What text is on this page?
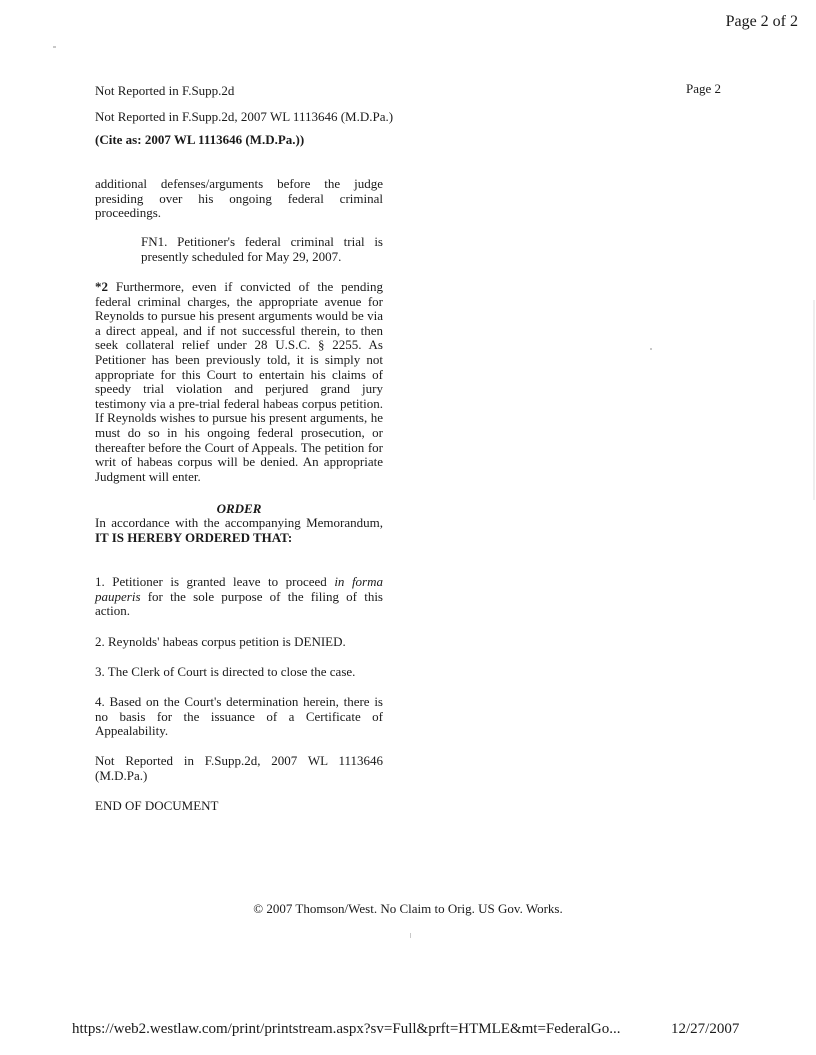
Page 2 of 2
Not Reported in F.Supp.2d	Page 2
Not Reported in F.Supp.2d, 2007 WL 1113646 (M.D.Pa.)
(Cite as: 2007 WL 1113646 (M.D.Pa.))
additional defenses/arguments before the judge presiding over his ongoing federal criminal proceedings.
FN1. Petitioner's federal criminal trial is presently scheduled for May 29, 2007.
*2 Furthermore, even if convicted of the pending federal criminal charges, the appropriate avenue for Reynolds to pursue his present arguments would be via a direct appeal, and if not successful therein, to then seek collateral relief under 28 U.S.C. § 2255. As Petitioner has been previously told, it is simply not appropriate for this Court to entertain his claims of speedy trial violation and perjured grand jury testimony via a pre-trial federal habeas corpus petition. If Reynolds wishes to pursue his present arguments, he must do so in his ongoing federal prosecution, or thereafter before the Court of Appeals. The petition for writ of habeas corpus will be denied. An appropriate Judgment will enter.
ORDER
In accordance with the accompanying Memorandum, IT IS HEREBY ORDERED THAT:
1. Petitioner is granted leave to proceed in forma pauperis for the sole purpose of the filing of this action.
2. Reynolds' habeas corpus petition is DENIED.
3. The Clerk of Court is directed to close the case.
4. Based on the Court's determination herein, there is no basis for the issuance of a Certificate of Appealability.
Not Reported in F.Supp.2d, 2007 WL 1113646 (M.D.Pa.)
END OF DOCUMENT
© 2007 Thomson/West. No Claim to Orig. US Gov. Works.
https://web2.westlaw.com/print/printstream.aspx?sv=Full&prft=HTMLE&mt=FederalGo...	12/27/2007
